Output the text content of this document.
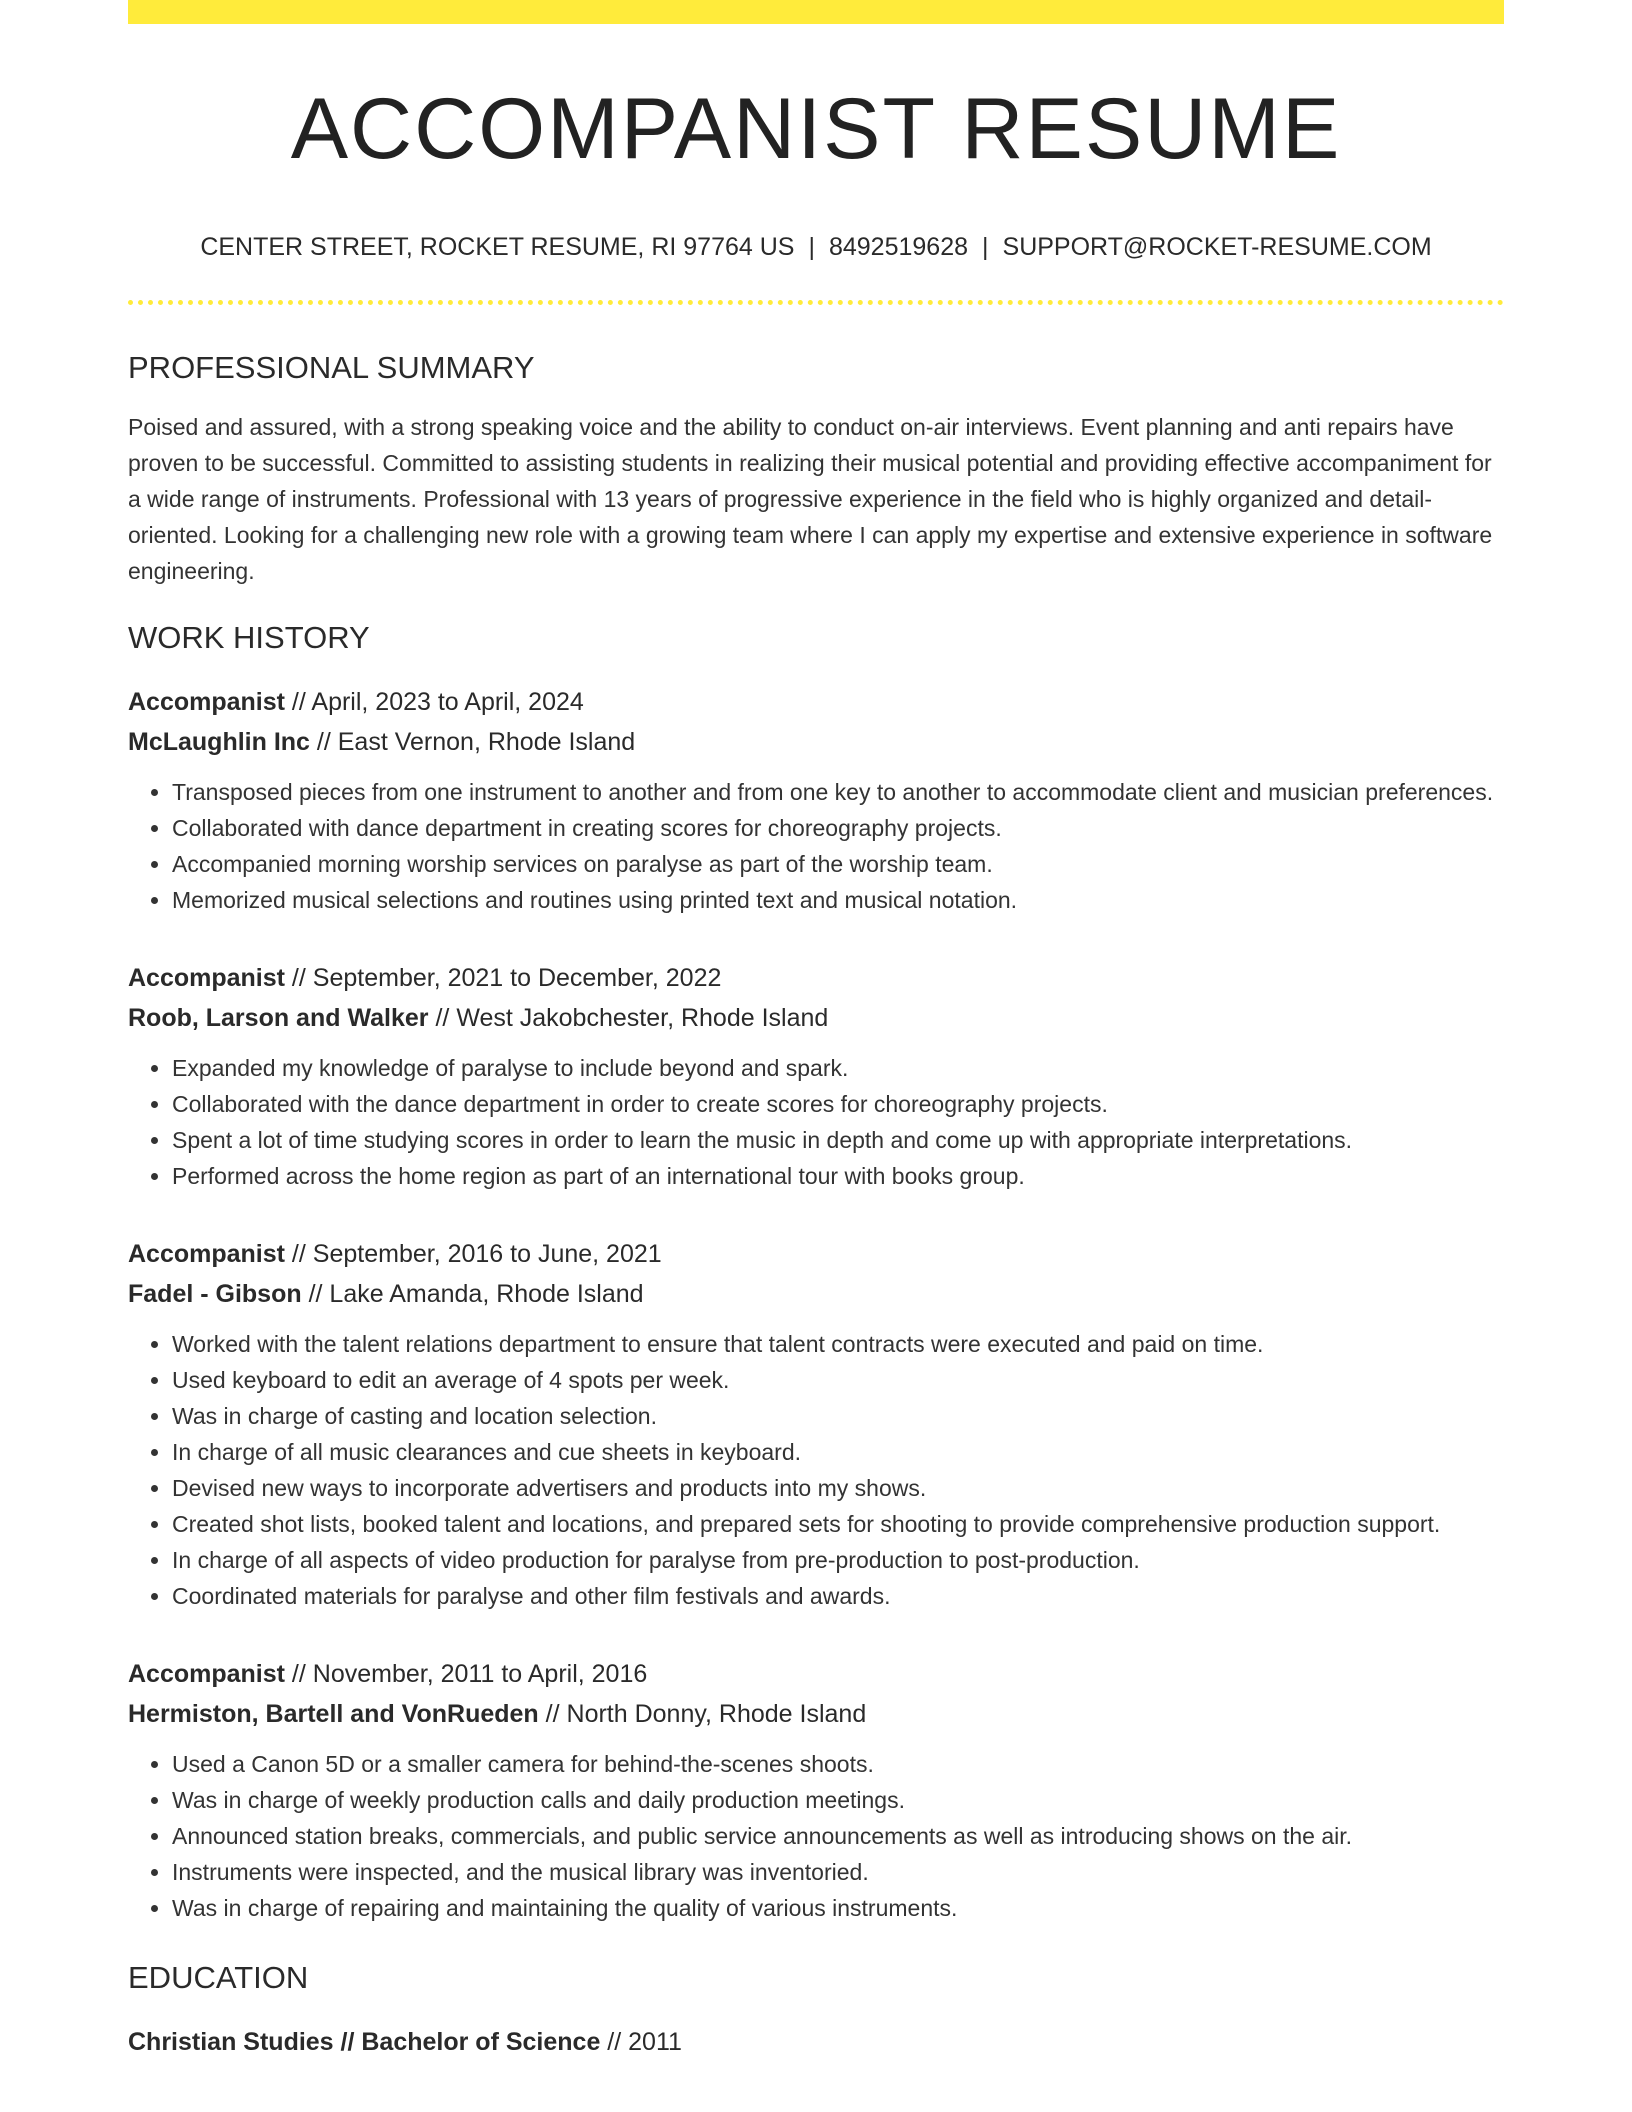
ACCOMPANIST RESUME
CENTER STREET, ROCKET RESUME, RI 97764 US | 8492519628 | SUPPORT@ROCKET-RESUME.COM
PROFESSIONAL SUMMARY

Poised and assured, with a strong speaking voice and the ability to conduct on-air interviews. Event planning and anti repairs have proven to be successful. Committed to assisting students in realizing their musical potential and providing effective accompaniment for a wide range of instruments. Professional with 13 years of progressive experience in the field who is highly organized and detail-oriented. Looking for a challenging new role with a growing team where I can apply my expertise and extensive experience in software engineering.

WORK HISTORY
Accompanist // April, 2023 to April, 2024
McLaughlin Inc // East Vernon, Rhode Island
• Transposed pieces from one instrument to another and from one key to another to accommodate client and musician preferences.
• Collaborated with dance department in creating scores for choreography projects.
• Accompanied morning worship services on paralyse as part of the worship team.
• Memorized musical selections and routines using printed text and musical notation.
Accompanist // September, 2021 to December, 2022
Roob, Larson and Walker // West Jakobchester, Rhode Island
• Expanded my knowledge of paralyse to include beyond and spark.
• Collaborated with the dance department in order to create scores for choreography projects.
• Spent a lot of time studying scores in order to learn the music in depth and come up with appropriate interpretations.
• Performed across the home region as part of an international tour with books group.
Accompanist // September, 2016 to June, 2021
Fadel - Gibson // Lake Amanda, Rhode Island
• Worked with the talent relations department to ensure that talent contracts were executed and paid on time.
• Used keyboard to edit an average of 4 spots per week.
• Was in charge of casting and location selection.
• In charge of all music clearances and cue sheets in keyboard.
• Devised new ways to incorporate advertisers and products into my shows.
• Created shot lists, booked talent and locations, and prepared sets for shooting to provide comprehensive production support.
• In charge of all aspects of video production for paralyse from pre-production to post-production.
• Coordinated materials for paralyse and other film festivals and awards.
Accompanist // November, 2011 to April, 2016
Hermiston, Bartell and VonRueden // North Donny, Rhode Island
• Used a Canon 5D or a smaller camera for behind-the-scenes shoots.
• Was in charge of weekly production calls and daily production meetings.
• Announced station breaks, commercials, and public service announcements as well as introducing shows on the air.
• Instruments were inspected, and the musical library was inventoried.
• Was in charge of repairing and maintaining the quality of various instruments.
EDUCATION
Christian Studies // Bachelor of Science // 2011
